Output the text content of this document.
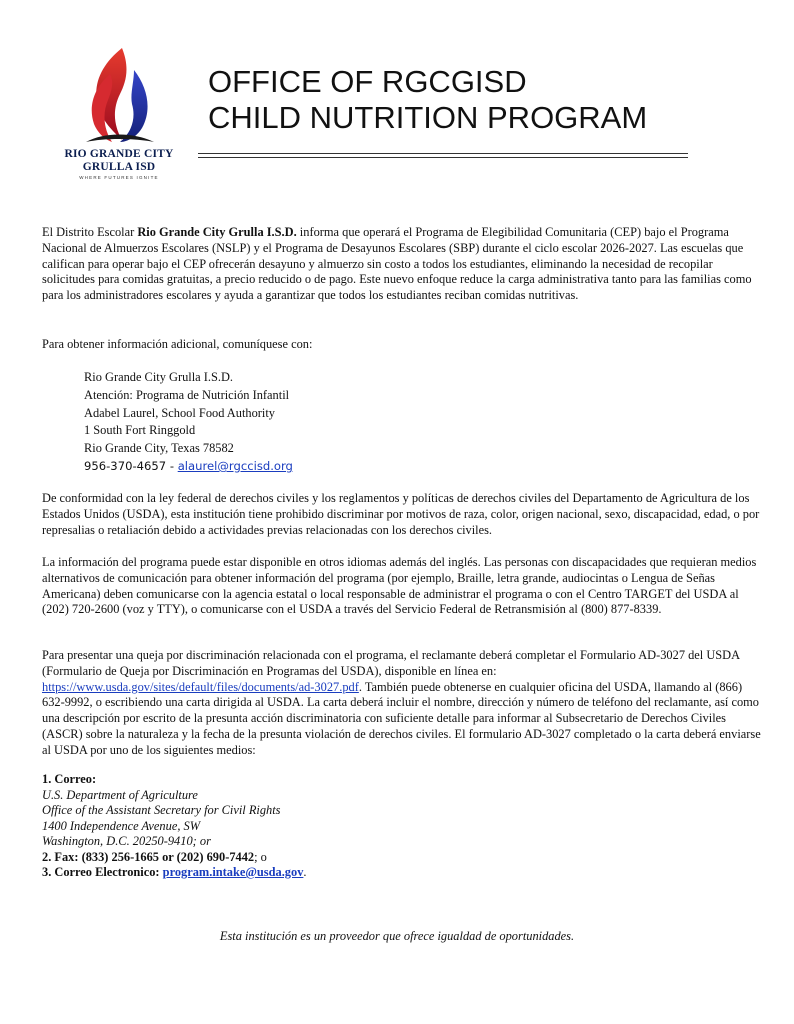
RIO GRANDE CITY
GRULLA ISD
WHERE FUTURES IGNITE
OFFICE OF RGCGISD
CHILD NUTRITION PROGRAM
El Distrito Escolar Rio Grande City Grulla I.S.D. informa que operará el Programa de Elegibilidad Comunitaria (CEP) bajo el Programa Nacional de Almuerzos Escolares (NSLP) y el Programa de Desayunos Escolares (SBP) durante el ciclo escolar 2026-2027. Las escuelas que califican para operar bajo el CEP ofrecerán desayuno y almuerzo sin costo a todos los estudiantes, eliminando la necesidad de recopilar solicitudes para comidas gratuitas, a precio reducido o de pago. Este nuevo enfoque reduce la carga administrativa tanto para las familias como para los administradores escolares y ayuda a garantizar que todos los estudiantes reciban comidas nutritivas.
Para obtener información adicional, comuníquese con:
Rio Grande City Grulla I.S.D.
Atención: Programa de Nutrición Infantil
Adabel Laurel, School Food Authority
1 South Fort Ringgold
Rio Grande City, Texas 78582
956-370-4657 - alaurel@rgccisd.org
De conformidad con la ley federal de derechos civiles y los reglamentos y políticas de derechos civiles del Departamento de Agricultura de los Estados Unidos (USDA), esta institución tiene prohibido discriminar por motivos de raza, color, origen nacional, sexo, discapacidad, edad, o por represalias o retaliación debido a actividades previas relacionadas con los derechos civiles.
La información del programa puede estar disponible en otros idiomas además del inglés. Las personas con discapacidades que requieran medios alternativos de comunicación para obtener información del programa (por ejemplo, Braille, letra grande, audiocintas o Lengua de Señas Americana) deben comunicarse con la agencia estatal o local responsable de administrar el programa o con el Centro TARGET del USDA al (202) 720-2600 (voz y TTY), o comunicarse con el USDA a través del Servicio Federal de Retransmisión al (800) 877-8339.
Para presentar una queja por discriminación relacionada con el programa, el reclamante deberá completar el Formulario AD-3027 del USDA (Formulario de Queja por Discriminación en Programas del USDA), disponible en línea en: https://www.usda.gov/sites/default/files/documents/ad-3027.pdf. También puede obtenerse en cualquier oficina del USDA, llamando al (866) 632-9992, o escribiendo una carta dirigida al USDA. La carta deberá incluir el nombre, dirección y número de teléfono del reclamante, así como una descripción por escrito de la presunta acción discriminatoria con suficiente detalle para informar al Subsecretario de Derechos Civiles (ASCR) sobre la naturaleza y la fecha de la presunta violación de derechos civiles. El formulario AD-3027 completado o la carta deberá enviarse al USDA por uno de los siguientes medios:
1. Correo:
U.S. Department of Agriculture
Office of the Assistant Secretary for Civil Rights
1400 Independence Avenue, SW
Washington, D.C. 20250-9410; or
2. Fax: (833) 256-1665 or (202) 690-7442; o
3. Correo Electronico: program.intake@usda.gov.
Esta institución es un proveedor que ofrece igualdad de oportunidades.
